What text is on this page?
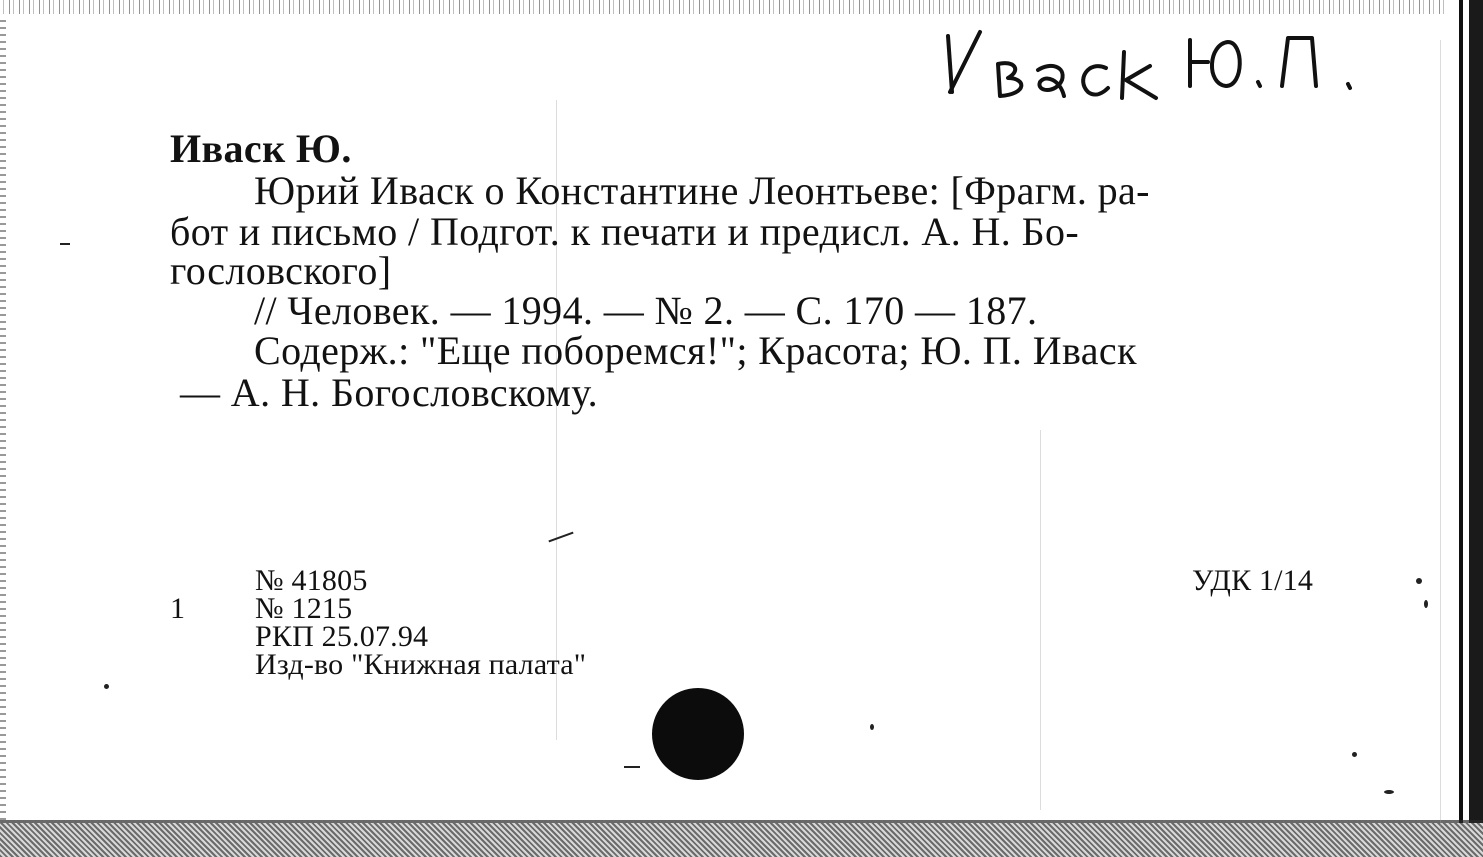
Иваск Ю.
Юрий Иваск о Константине Леонтьеве: [Фрагм. ра-
бот и письмо / Подгот. к печати и предисл. А. Н. Бо-
гословского]
// Человек. — 1994. — № 2. — С. 170 — 187.
Содерж.: "Еще поборемся!"; Красота; Ю. П. Иваск
— А. Н. Богословскому.
1
№ 41805
№ 1215
РКП 25.07.94
Изд-во "Книжная палата"
УДК 1/14
